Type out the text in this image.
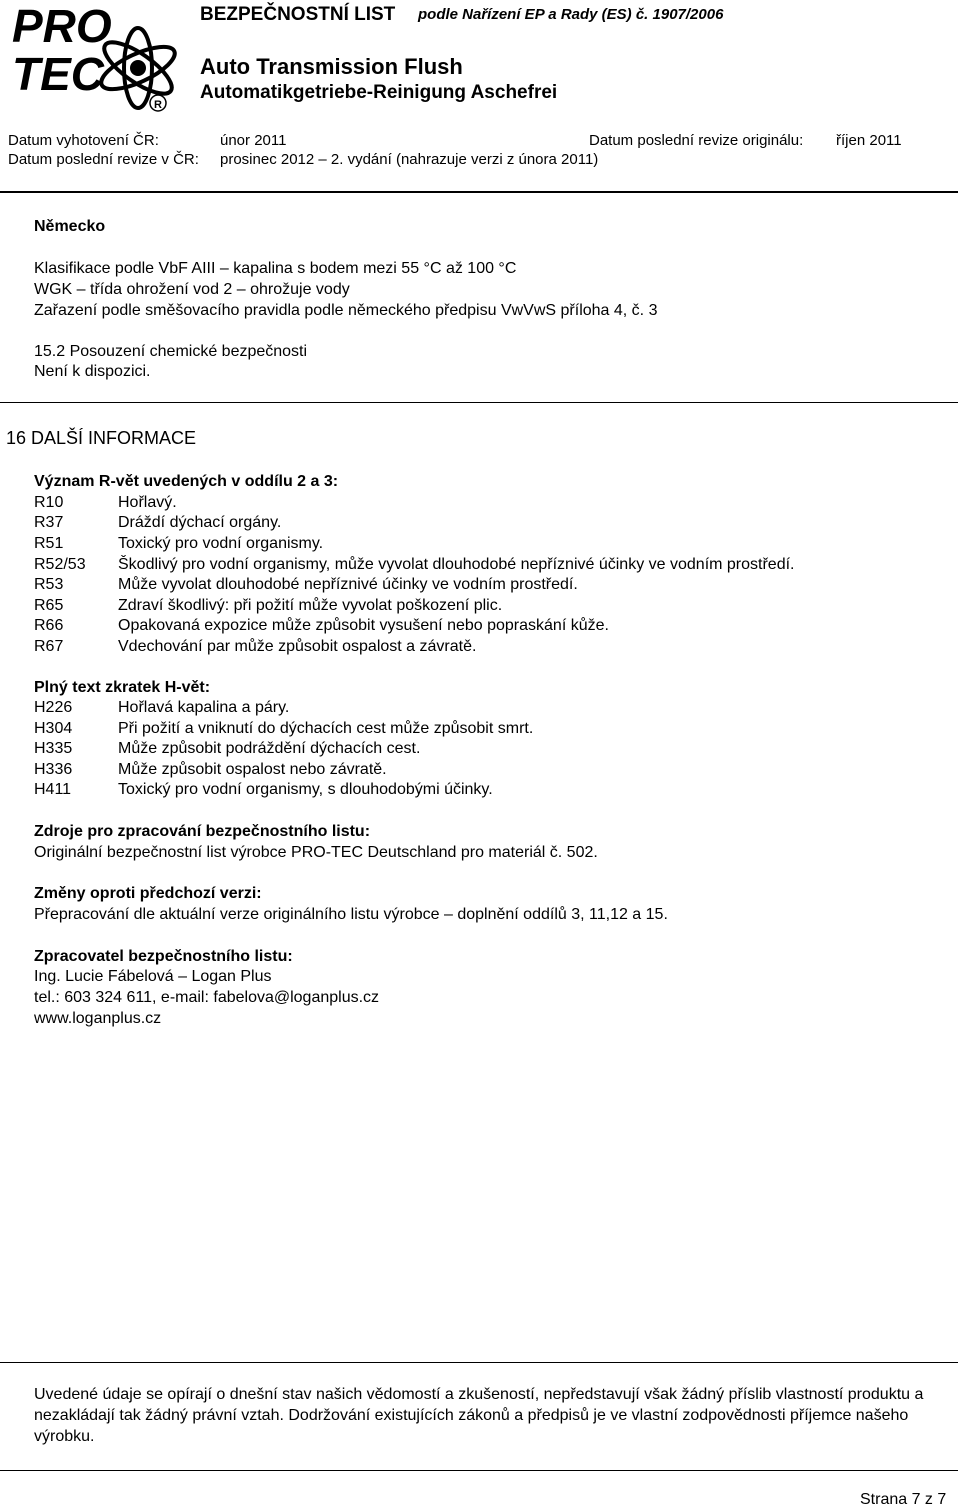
PRO
TEC
R
BEZPEČNOSTNÍ LIST podle Nařízení EP a Rady (ES) č. 1907/2006
Auto Transmission Flush
Automatikgetriebe-Reinigung Aschefrei
Datum vyhotovení ČR:	únor 2011	Datum poslední revize originálu: říjen 2011
Datum poslední revize v ČR: prosinec 2012 – 2. vydání (nahrazuje verzi z února 2011)
Německo
Klasifikace podle VbF AIII – kapalina s bodem mezi 55 °C až 100 °C
WGK – třída ohrožení vod 2 – ohrožuje vody
Zařazení podle směšovacího pravidla podle německého předpisu VwVwS příloha 4, č. 3
15.2 Posouzení chemické bezpečnosti
Není k dispozici.
16 DALŠÍ INFORMACE
Význam R-vět uvedených v oddílu 2 a 3:
R10	Hořlavý.
R37	Dráždí dýchací orgány.
R51	Toxický pro vodní organismy.
R52/53 Škodlivý pro vodní organismy, může vyvolat dlouhodobé nepříznivé účinky ve vodním prostředí.
R53	Může vyvolat dlouhodobé nepříznivé účinky ve vodním prostředí.
R65	Zdraví škodlivý: při požití může vyvolat poškození plic.
R66	Opakovaná expozice může způsobit vysušení nebo popraskání kůže.
R67	Vdechování par může způsobit ospalost a závratě.
Plný text zkratek H-vět:
H226	Hořlavá kapalina a páry.
H304	Při požití a vniknutí do dýchacích cest může způsobit smrt.
H335	Může způsobit podráždění dýchacích cest.
H336	Může způsobit ospalost nebo závratě.
H411	Toxický pro vodní organismy, s dlouhodobými účinky.
Zdroje pro zpracování bezpečnostního listu:
Originální bezpečnostní list výrobce PRO-TEC Deutschland pro materiál č. 502.
Změny oproti předchozí verzi:
Přepracování dle aktuální verze originálního listu výrobce – doplnění oddílů 3, 11,12 a 15.
Zpracovatel bezpečnostního listu:
Ing. Lucie Fábelová – Logan Plus
tel.: 603 324 611, e-mail: fabelova@loganplus.cz
www.loganplus.cz
Uvedené údaje se opírají o dnešní stav našich vědomostí a zkušeností, nepředstavují však žádný příslib vlastností produktu a nezakládají tak žádný právní vztah. Dodržování existujících zákonů a předpisů je ve vlastní zodpovědnosti příjemce našeho výrobku.
Strana 7 z 7
